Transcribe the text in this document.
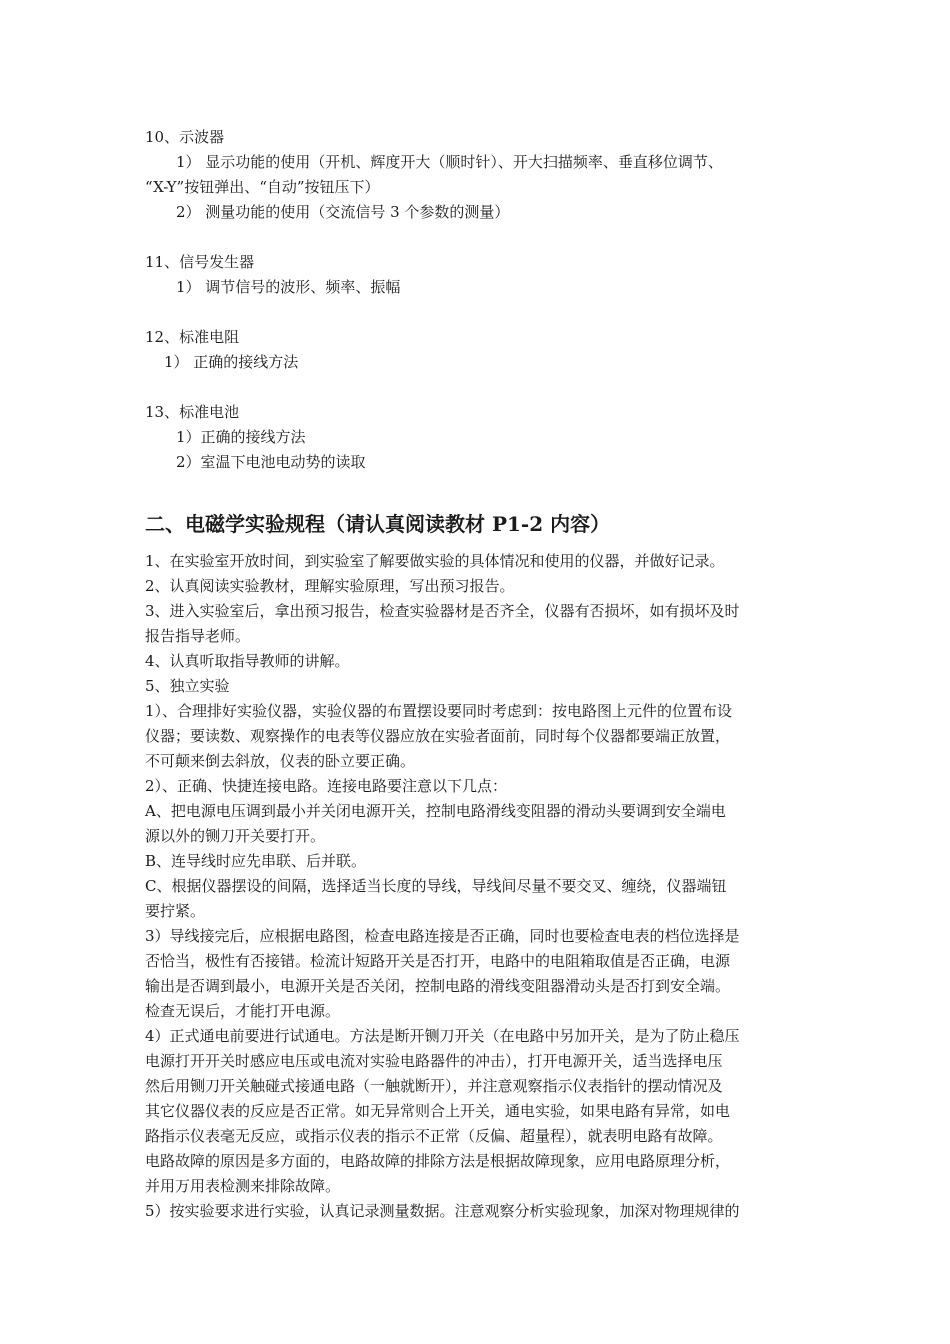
10、示波器
1） 显示功能的使用（开机、辉度开大（顺时针）、开大扫描频率、垂直移位调节、
“X-Y”按钮弹出、“自动”按钮压下）
2） 测量功能的使用（交流信号 3 个参数的测量）
11、信号发生器
1） 调节信号的波形、频率、振幅
12、标准电阻
1） 正确的接线方法
13、标准电池
1）正确的接线方法
2）室温下电池电动势的读取
二、电磁学实验规程（请认真阅读教材 P1-2 内容）
1、在实验室开放时间，到实验室了解要做实验的具体情况和使用的仪器，并做好记录。
2、认真阅读实验教材，理解实验原理，写出预习报告。
3、进入实验室后，拿出预习报告，检查实验器材是否齐全，仪器有否损坏，如有损坏及时
报告指导老师。
4、认真听取指导教师的讲解。
5、独立实验
1）、合理排好实验仪器，实验仪器的布置摆设要同时考虑到：按电路图上元件的位置布设
仪器；要读数、观察操作的电表等仪器应放在实验者面前，同时每个仪器都要端正放置，
不可颠来倒去斜放，仪表的卧立要正确。
2）、正确、快捷连接电路。连接电路要注意以下几点：
A、把电源电压调到最小并关闭电源开关，控制电路滑线变阻器的滑动头要调到安全端电
源以外的铡刀开关要打开。
B、连导线时应先串联、后并联。
C、根据仪器摆设的间隔，选择适当长度的导线，导线间尽量不要交叉、缠绕，仪器端钮
要拧紧。
3）导线接完后，应根据电路图，检查电路连接是否正确，同时也要检查电表的档位选择是
否恰当，极性有否接错。检流计短路开关是否打开，电路中的电阻箱取值是否正确，电源
输出是否调到最小，电源开关是否关闭，控制电路的滑线变阻器滑动头是否打到安全端。
检查无误后，才能打开电源。
4）正式通电前要进行试通电。方法是断开铡刀开关（在电路中另加开关，是为了防止稳压
电源打开开关时感应电压或电流对实验电路器件的冲击），打开电源开关，适当选择电压
然后用铡刀开关触碰式接通电路（一触就断开），并注意观察指示仪表指针的摆动情况及
其它仪器仪表的反应是否正常。如无异常则合上开关，通电实验，如果电路有异常，如电
路指示仪表毫无反应，或指示仪表的指示不正常（反偏、超量程），就表明电路有故障。
电路故障的原因是多方面的，电路故障的排除方法是根据故障现象，应用电路原理分析，
并用万用表检测来排除故障。
5）按实验要求进行实验，认真记录测量数据。注意观察分析实验现象，加深对物理规律的
